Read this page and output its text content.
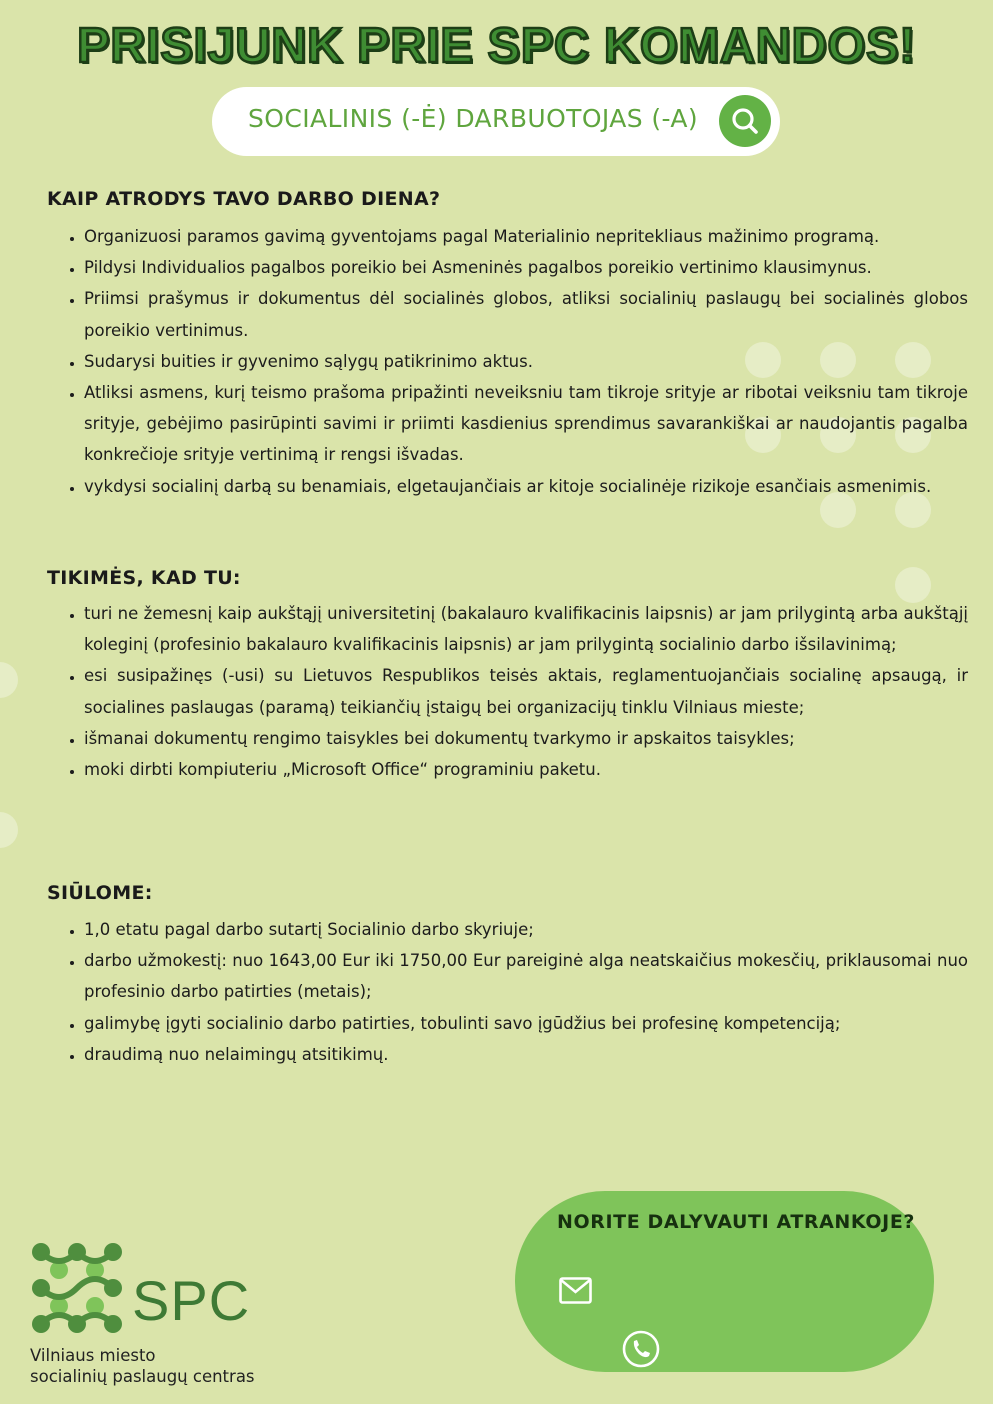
PRISIJUNK PRIE SPC KOMANDOS!
SOCIALINIS (-Ė) DARBUOTOJAS (-A)
KAIP ATRODYS TAVO DARBO DIENA?
• Organizuosi paramos gavimą gyventojams pagal Materialinio nepritekliaus mažinimo programą.
• Pildysi Individualios pagalbos poreikio bei Asmeninės pagalbos poreikio vertinimo klausimynus.
• Priimsi prašymus ir dokumentus dėl socialinės globos, atliksi socialinių paslaugų bei socialinės globos poreikio vertinimus.
• Sudarysi buities ir gyvenimo sąlygų patikrinimo aktus.
• Atliksi asmens, kurį teismo prašoma pripažinti neveiksniu tam tikroje srityje ar ribotai veiksniu tam tikroje srityje, gebėjimo pasirūpinti savimi ir priimti kasdienius sprendimus savarankiškai ar naudojantis pagalba konkrečioje srityje vertinimą ir rengsi išvadas.
• vykdysi socialinį darbą su benamiais, elgetaujančiais ar kitoje socialinėje rizikoje esančiais asmenimis.
TIKIMĖS, KAD TU:
• turi ne žemesnį kaip aukštąjį universitetinį (bakalauro kvalifikacinis laipsnis) ar jam prilygintą arba aukštąjį koleginį (profesinio bakalauro kvalifikacinis laipsnis) ar jam prilygintą socialinio darbo išsilavinimą;
• esi susipažinęs (-usi) su Lietuvos Respublikos teisės aktais, reglamentuojančiais socialinę apsaugą, ir socialines paslaugas (paramą) teikiančių įstaigų bei organizacijų tinklu Vilniaus mieste;
• išmanai dokumentų rengimo taisykles bei dokumentų tvarkymo ir apskaitos taisykles;
• moki dirbti kompiuteriu „Microsoft Office“ programiniu paketu.
SIŪLOME:
• 1,0 etatu pagal darbo sutartį Socialinio darbo skyriuje;
• darbo užmokestį: nuo 1643,00 Eur iki 1750,00 Eur pareiginė alga neatskaičius mokesčių, priklausomai nuo profesinio darbo patirties (metais);
• galimybę įgyti socialinio darbo patirties, tobulinti savo įgūdžius bei profesinę kompetenciją;
• draudimą nuo nelaimingų atsitikimų.
SPC
Vilniaus miesto
socialinių paslaugų centras
NORITE DALYVAUTI ATRANKOJE?
